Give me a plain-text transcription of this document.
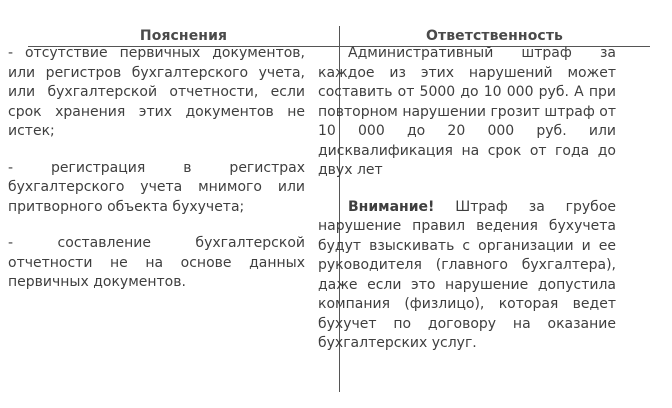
Пояснения	Ответственность

- отсутствие первичных документов, или регистров бухгалтерского учета, или бухгалтерской отчетности, если срок хранения этих документов не истек;

- регистрация в регистрах бухгалтерского учета мнимого или притворного объекта бухучета;

- составление бухгалтерской отчетности не на основе данных первичных документов.

Административный штраф за каждое из этих нарушений может составить от 5000 до 10 000 руб. А при повторном нарушении грозит штраф от 10 000 до 20 000 руб. или дисквалификация на срок от года до двух лет

Внимание! Штраф за грубое нарушение правил ведения бухучета будут взыскивать с организации и ее руководителя (главного бухгалтера), даже если это нарушение допустила компания (физлицо), которая ведет бухучет по договору на оказание бухгалтерских услуг.
